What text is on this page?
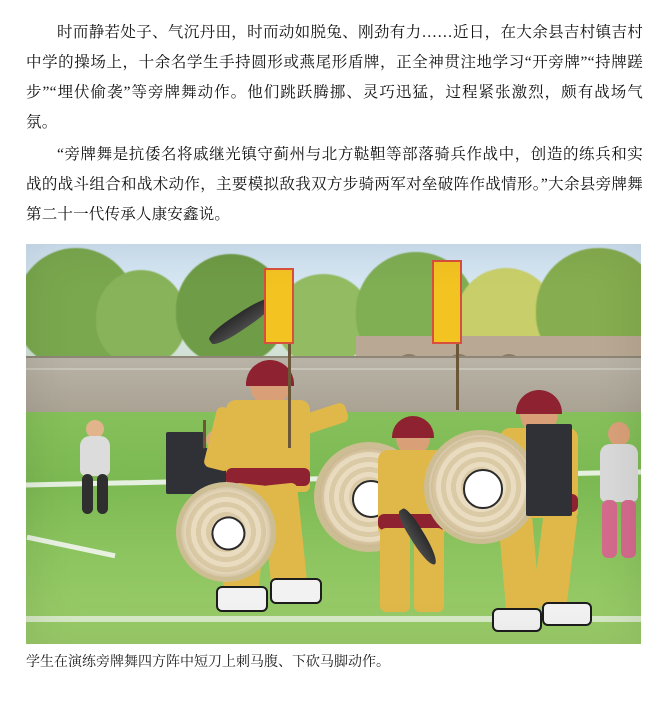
时而静若处子、气沉丹田，时而动如脱兔、刚劲有力……近日，在大余县吉村镇吉村中学的操场上，十余名学生手持圆形或燕尾形盾牌，正全神贯注地学习“开旁牌”“持牌蹉步”“埋伏偷袭”等旁牌舞动作。他们跳跃腾挪、灵巧迅猛，过程紧张激烈，颇有战场气氛。

“旁牌舞是抗倭名将戚继光镇守蓟州与北方鞑靼等部落骑兵作战中，创造的练兵和实战的战斗组合和战术动作，主要模拟敌我双方步骑两军对垒破阵作战情形。”大余县旁牌舞第二十一代传承人康安鑫说。

学生在演练旁牌舞四方阵中短刀上刺马腹、下砍马脚动作。
